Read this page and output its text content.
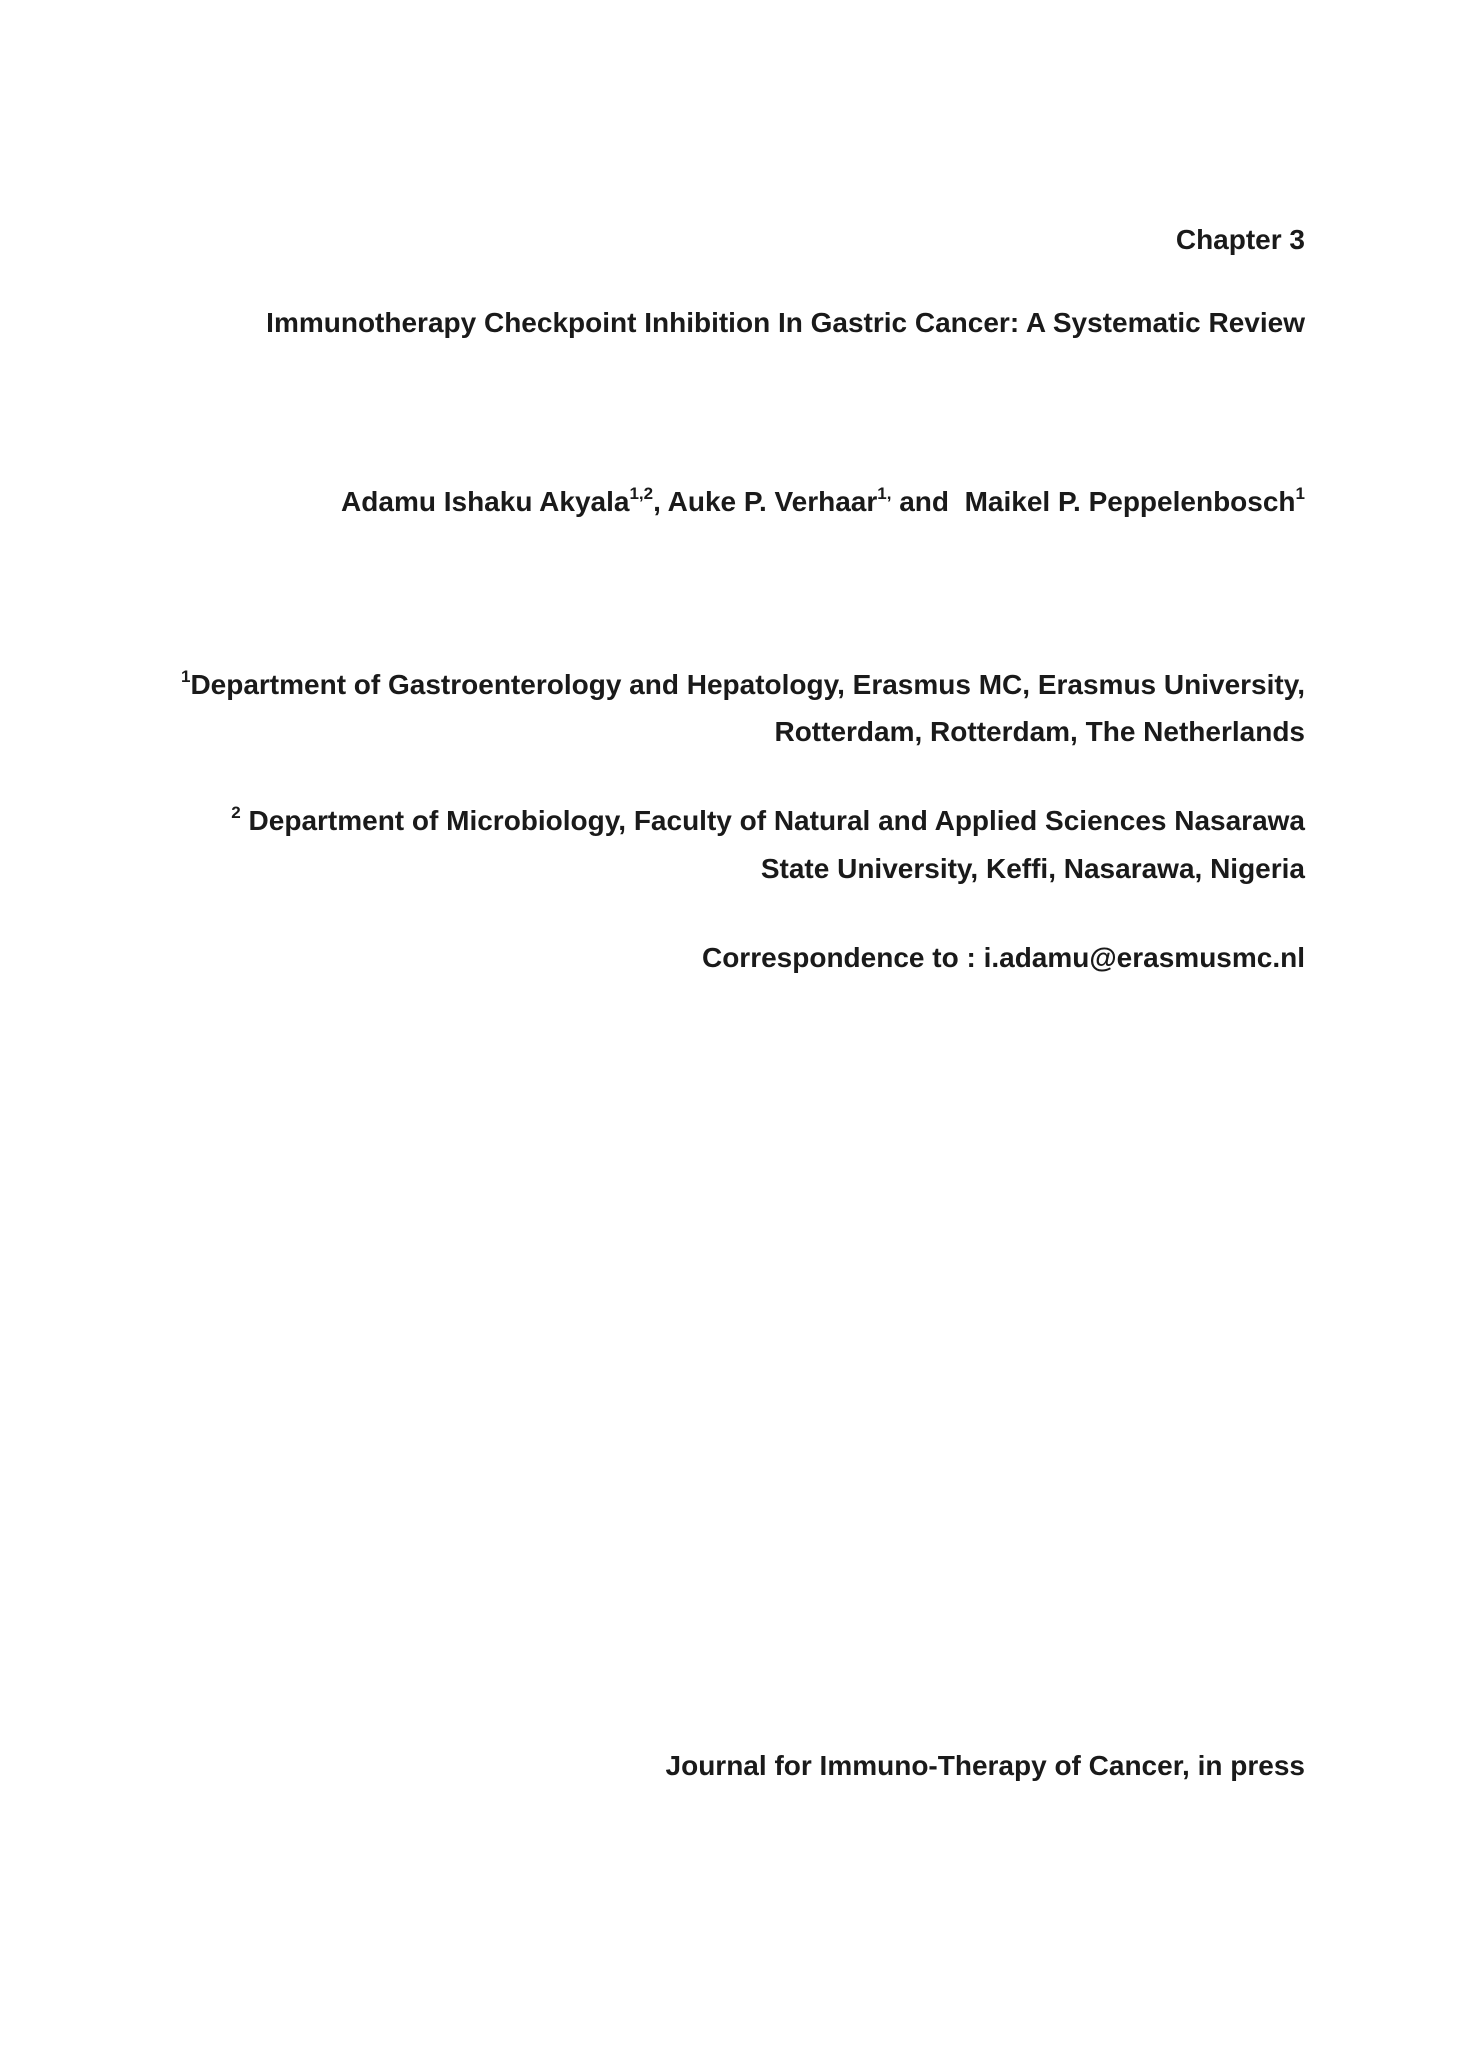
Chapter 3
Immunotherapy Checkpoint Inhibition In Gastric Cancer: A Systematic Review
Adamu Ishaku Akyala$^{1,2}$, Auke P. Verhaar$^{1,}$ and  Maikel P. Peppelenbosch$^1$
$^1$Department of Gastroenterology and Hepatology, Erasmus MC, Erasmus University,
Rotterdam, Rotterdam, The Netherlands
$^2$ Department of Microbiology, Faculty of Natural and Applied Sciences Nasarawa
State University, Keffi, Nasarawa, Nigeria
Correspondence to : i.adamu@erasmusmc.nl
Journal for Immuno-Therapy of Cancer, in press
